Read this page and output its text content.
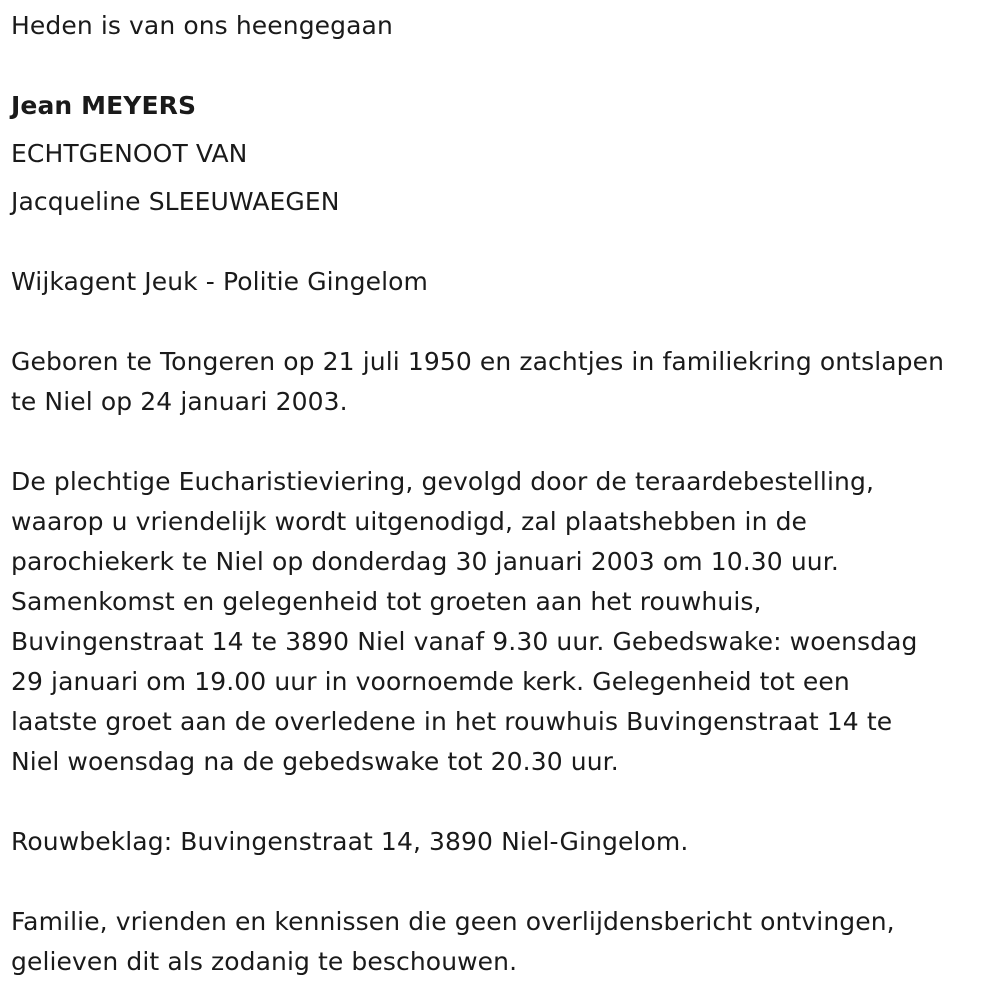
Heden is van ons heengegaan
Jean MEYERS
ECHTGENOOT VAN
Jacqueline SLEEUWAEGEN
Wijkagent Jeuk - Politie Gingelom
Geboren te Tongeren op 21 juli 1950 en zachtjes in familiekring ontslapen
te Niel op 24 januari 2003.
De plechtige Eucharistieviering, gevolgd door de teraardebestelling,
waarop u vriendelijk wordt uitgenodigd, zal plaatshebben in de
parochiekerk te Niel op donderdag 30 januari 2003 om 10.30 uur.
Samenkomst en gelegenheid tot groeten aan het rouwhuis,
Buvingenstraat 14 te 3890 Niel vanaf 9.30 uur. Gebedswake: woensdag
29 januari om 19.00 uur in voornoemde kerk. Gelegenheid tot een
laatste groet aan de overledene in het rouwhuis Buvingenstraat 14 te
Niel woensdag na de gebedswake tot 20.30 uur.
Rouwbeklag: Buvingenstraat 14, 3890 Niel-Gingelom.
Familie, vrienden en kennissen die geen overlijdensbericht ontvingen,
gelieven dit als zodanig te beschouwen.
